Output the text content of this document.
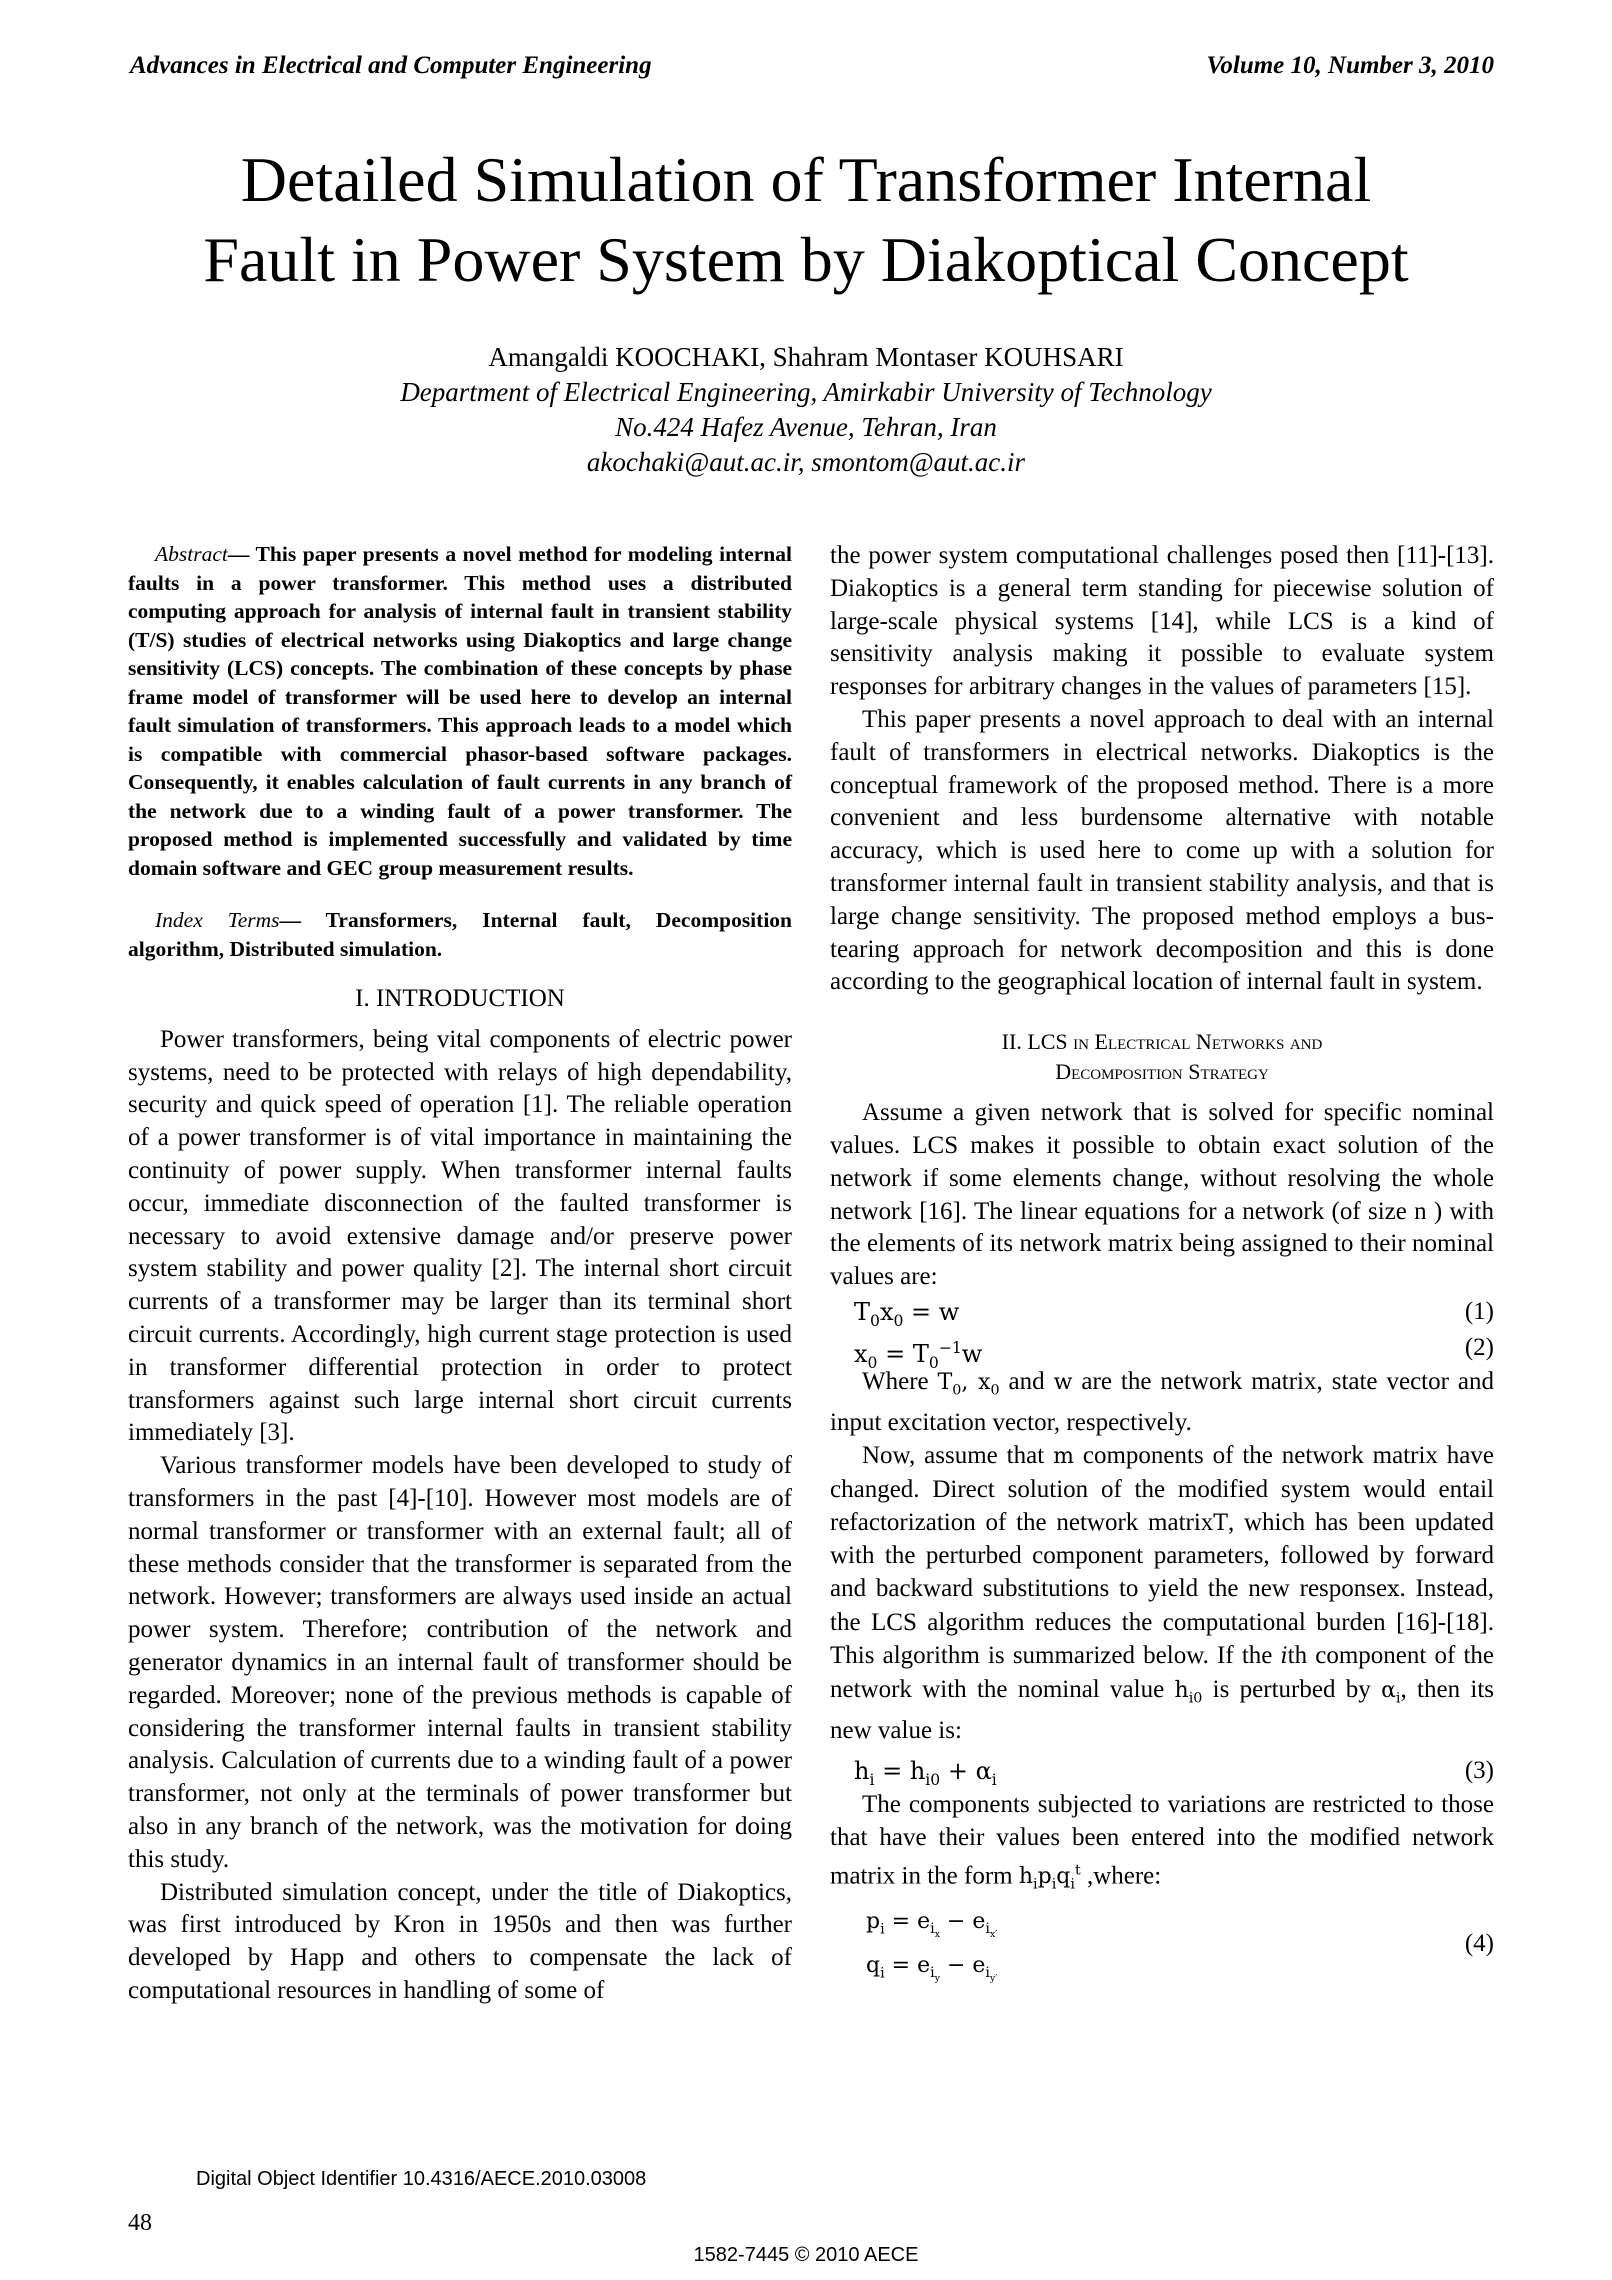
Advances in Electrical and Computer Engineering	Volume 10, Number 3, 2010
Detailed Simulation of Transformer Internal
Fault in Power System by Diakoptical Concept
Amangaldi KOOCHAKI, Shahram Montaser KOUHSARI
Department of Electrical Engineering, Amirkabir University of Technology
No.424 Hafez Avenue, Tehran, Iran
akochaki@aut.ac.ir, smontom@aut.ac.ir

Abstract— This paper presents a novel method for modeling internal faults in a power transformer. This method uses a distributed computing approach for analysis of internal fault in transient stability (T/S) studies of electrical networks using Diakoptics and large change sensitivity (LCS) concepts. The combination of these concepts by phase frame model of transformer will be used here to develop an internal fault simulation of transformers. This approach leads to a model which is compatible with commercial phasor-based software packages. Consequently, it enables calculation of fault currents in any branch of the network due to a winding fault of a power transformer. The proposed method is implemented successfully and validated by time domain software and GEC group measurement results.

Index Terms— Transformers, Internal fault, Decomposition algorithm, Distributed simulation.

I. INTRODUCTION

Power transformers, being vital components of electric power systems, need to be protected with relays of high dependability, security and quick speed of operation [1]. The reliable operation of a power transformer is of vital importance in maintaining the continuity of power supply. When transformer internal faults occur, immediate disconnection of the faulted transformer is necessary to avoid extensive damage and/or preserve power system stability and power quality [2]. The internal short circuit currents of a transformer may be larger than its terminal short circuit currents. Accordingly, high current stage protection is used in transformer differential protection in order to protect transformers against such large internal short circuit currents immediately [3].

Various transformer models have been developed to study of transformers in the past [4]-[10]. However most models are of normal transformer or transformer with an external fault; all of these methods consider that the transformer is separated from the network. However; transformers are always used inside an actual power system. Therefore; contribution of the network and generator dynamics in an internal fault of transformer should be regarded. Moreover; none of the previous methods is capable of considering the transformer internal faults in transient stability analysis. Calculation of currents due to a winding fault of a power transformer, not only at the terminals of power transformer but also in any branch of the network, was the motivation for doing this study.

Distributed simulation concept, under the title of Diakoptics, was first introduced by Kron in 1950s and then was further developed by Happ and others to compensate the lack of computational resources in handling of some of

the power system computational challenges posed then [11]-[13]. Diakoptics is a general term standing for piecewise solution of large-scale physical systems [14], while LCS is a kind of sensitivity analysis making it possible to evaluate system responses for arbitrary changes in the values of parameters [15].

This paper presents a novel approach to deal with an internal fault of transformers in electrical networks. Diakoptics is the conceptual framework of the proposed method. There is a more convenient and less burdensome alternative with notable accuracy, which is used here to come up with a solution for transformer internal fault in transient stability analysis, and that is large change sensitivity. The proposed method employs a bus-tearing approach for network decomposition and this is done according to the geographical location of internal fault in system.

II. LCS in Electrical Networks and
Decomposition Strategy

Assume a given network that is solved for specific nominal values. LCS makes it possible to obtain exact solution of the network if some elements change, without resolving the whole network [16]. The linear equations for a network (of size n ) with the elements of its network matrix being assigned to their nominal values are:

$T_0x_0 = w$	(1)
$x_0 = T_0^{-1}w$	(2)

Where $T_0$, $x_0$ and w are the network matrix, state vector and input excitation vector, respectively.

Now, assume that m components of the network matrix have changed. Direct solution of the modified system would entail refactorization of the network matrixT, which has been updated with the perturbed component parameters, followed by forward and backward substitutions to yield the new responsex. Instead, the LCS algorithm reduces the computational burden [16]-[18]. This algorithm is summarized below. If the ith component of the network with the nominal value $h_{i0}$ is perturbed by $\alpha_i$, then its new value is:

$h_i = h_{i0} + \alpha_i$	(3)

The components subjected to variations are restricted to those that have their values been entered into the modified network matrix in the form $h_ip_iq_i^t$ ,where:

$p_i = e_{i_x} - e_{i_{x'}}$
$q_i = e_{i_y} - e_{i_{y'}}$
(4)
Digital Object Identifier 10.4316/AECE.2010.03008
48
1582-7445 © 2010 AECE
